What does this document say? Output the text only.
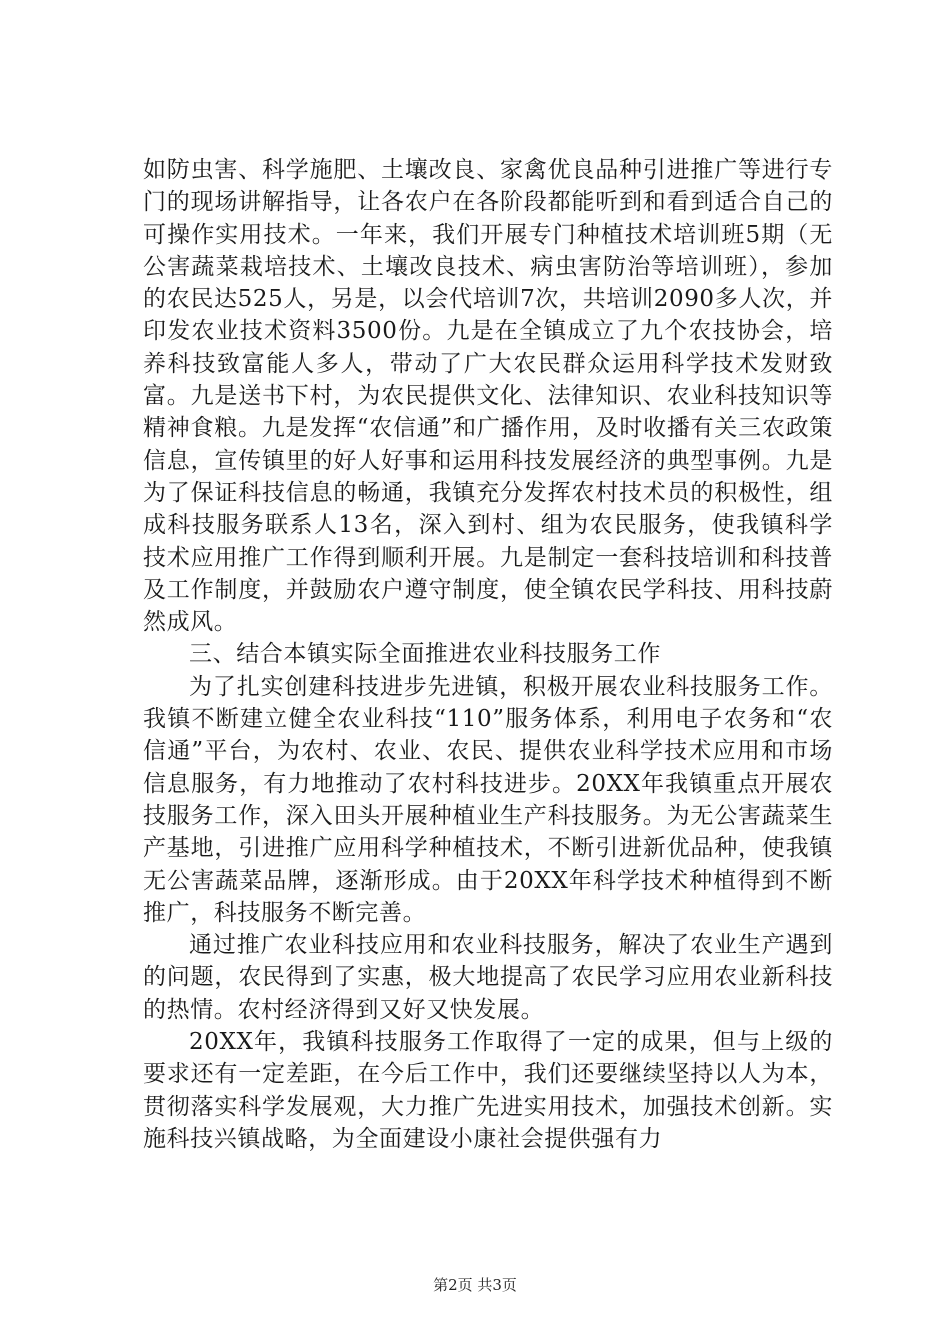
如防虫害、科学施肥、土壤改良、家禽优良品种引进推广等进行专门的现场讲解指导，让各农户在各阶段都能听到和看到适合自己的可操作实用技术。一年来，我们开展专门种植技术培训班5期（无公害蔬菜栽培技术、土壤改良技术、病虫害防治等培训班），参加的农民达525人，另是，以会代培训7次，共培训2090多人次，并印发农业技术资料3500份。九是在全镇成立了九个农技协会，培养科技致富能人多人，带动了广大农民群众运用科学技术发财致富。九是送书下村，为农民提供文化、法律知识、农业科技知识等精神食粮。九是发挥“农信通”和广播作用，及时收播有关三农政策信息，宣传镇里的好人好事和运用科技发展经济的典型事例。九是为了保证科技信息的畅通，我镇充分发挥农村技术员的积极性，组成科技服务联系人13名，深入到村、组为农民服务，使我镇科学技术应用推广工作得到顺利开展。九是制定一套科技培训和科技普及工作制度，并鼓励农户遵守制度，使全镇农民学科技、用科技蔚然成风。

三、结合本镇实际全面推进农业科技服务工作

为了扎实创建科技进步先进镇，积极开展农业科技服务工作。我镇不断建立健全农业科技“110”服务体系，利用电子农务和“农信通”平台，为农村、农业、农民、提供农业科学技术应用和市场信息服务，有力地推动了农村科技进步。20XX年我镇重点开展农技服务工作，深入田头开展种植业生产科技服务。为无公害蔬菜生产基地，引进推广应用科学种植技术，不断引进新优品种，使我镇无公害蔬菜品牌，逐渐形成。由于20XX年科学技术种植得到不断推广，科技服务不断完善。

通过推广农业科技应用和农业科技服务，解决了农业生产遇到的问题，农民得到了实惠，极大地提高了农民学习应用农业新科技的热情。农村经济得到又好又快发展。

20XX年，我镇科技服务工作取得了一定的成果，但与上级的要求还有一定差距，在今后工作中，我们还要继续坚持以人为本，贯彻落实科学发展观，大力推广先进实用技术，加强技术创新。实施科技兴镇战略，为全面建设小康社会提供强有力

第2页 共3页
